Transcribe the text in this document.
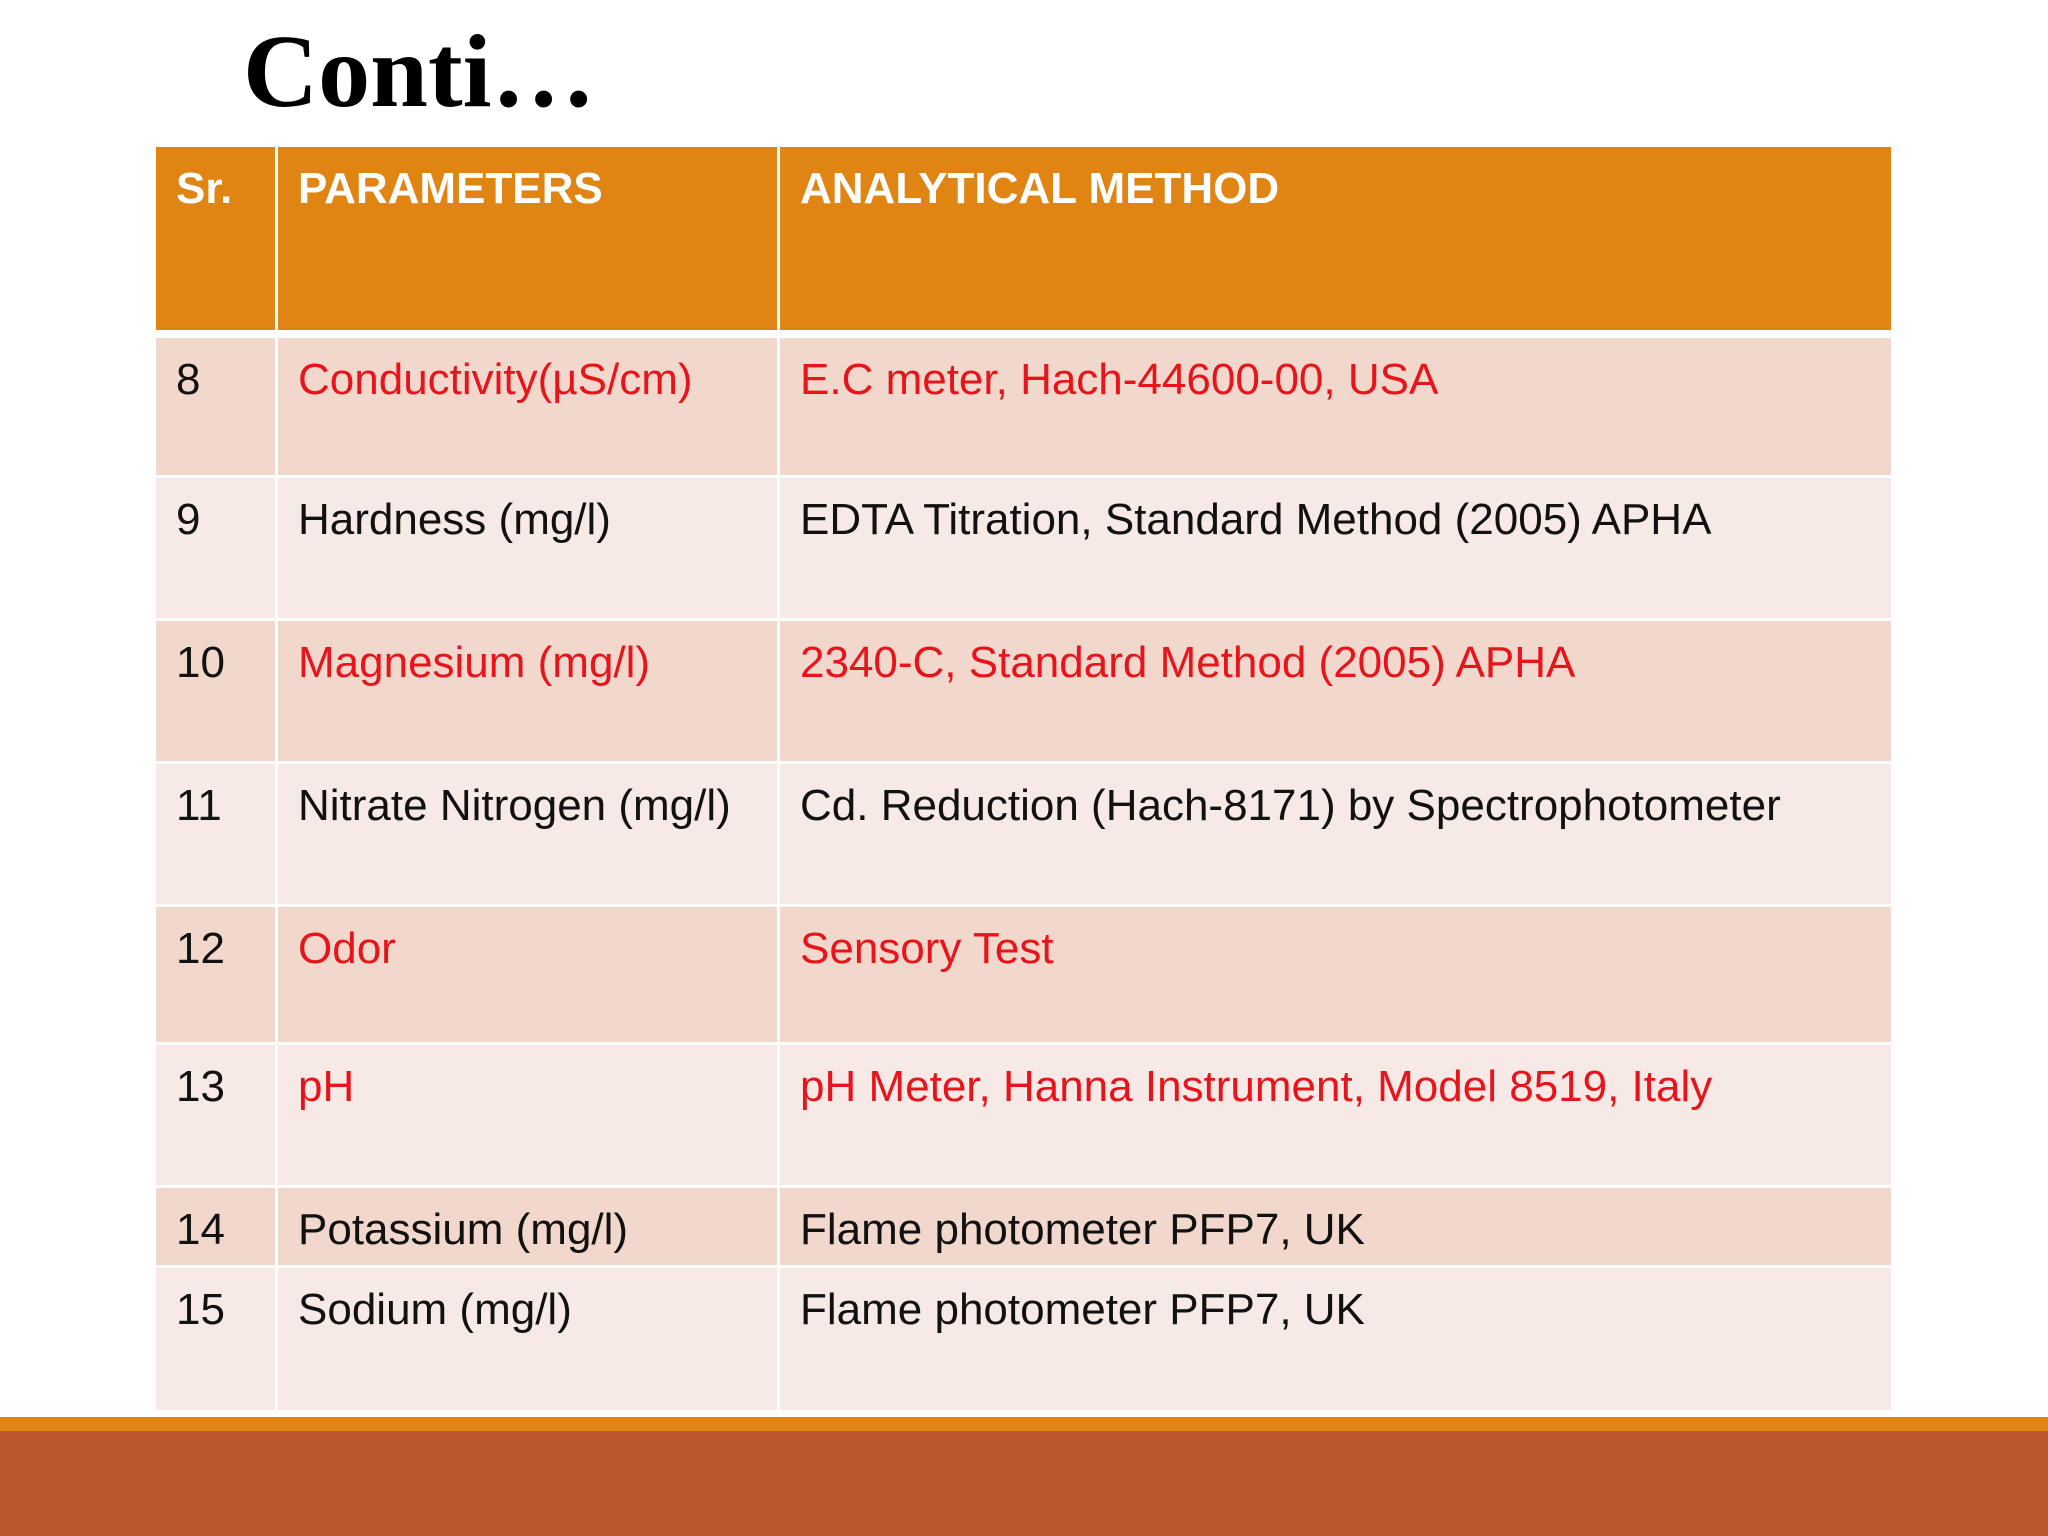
Conti…
Sr.	PARAMETERS	ANALYTICAL METHOD
8	Conductivity(µS/cm)	E.C meter, Hach-44600-00, USA
9	Hardness (mg/l)	EDTA Titration, Standard Method (2005) APHA
10	Magnesium (mg/l)	2340-C, Standard Method (2005) APHA
11	Nitrate Nitrogen (mg/l)	Cd. Reduction (Hach-8171) by Spectrophotometer
12	Odor	Sensory Test
13	pH	pH Meter, Hanna Instrument, Model 8519, Italy
14	Potassium (mg/l)	Flame photometer PFP7, UK
15	Sodium (mg/l)	Flame photometer PFP7, UK
